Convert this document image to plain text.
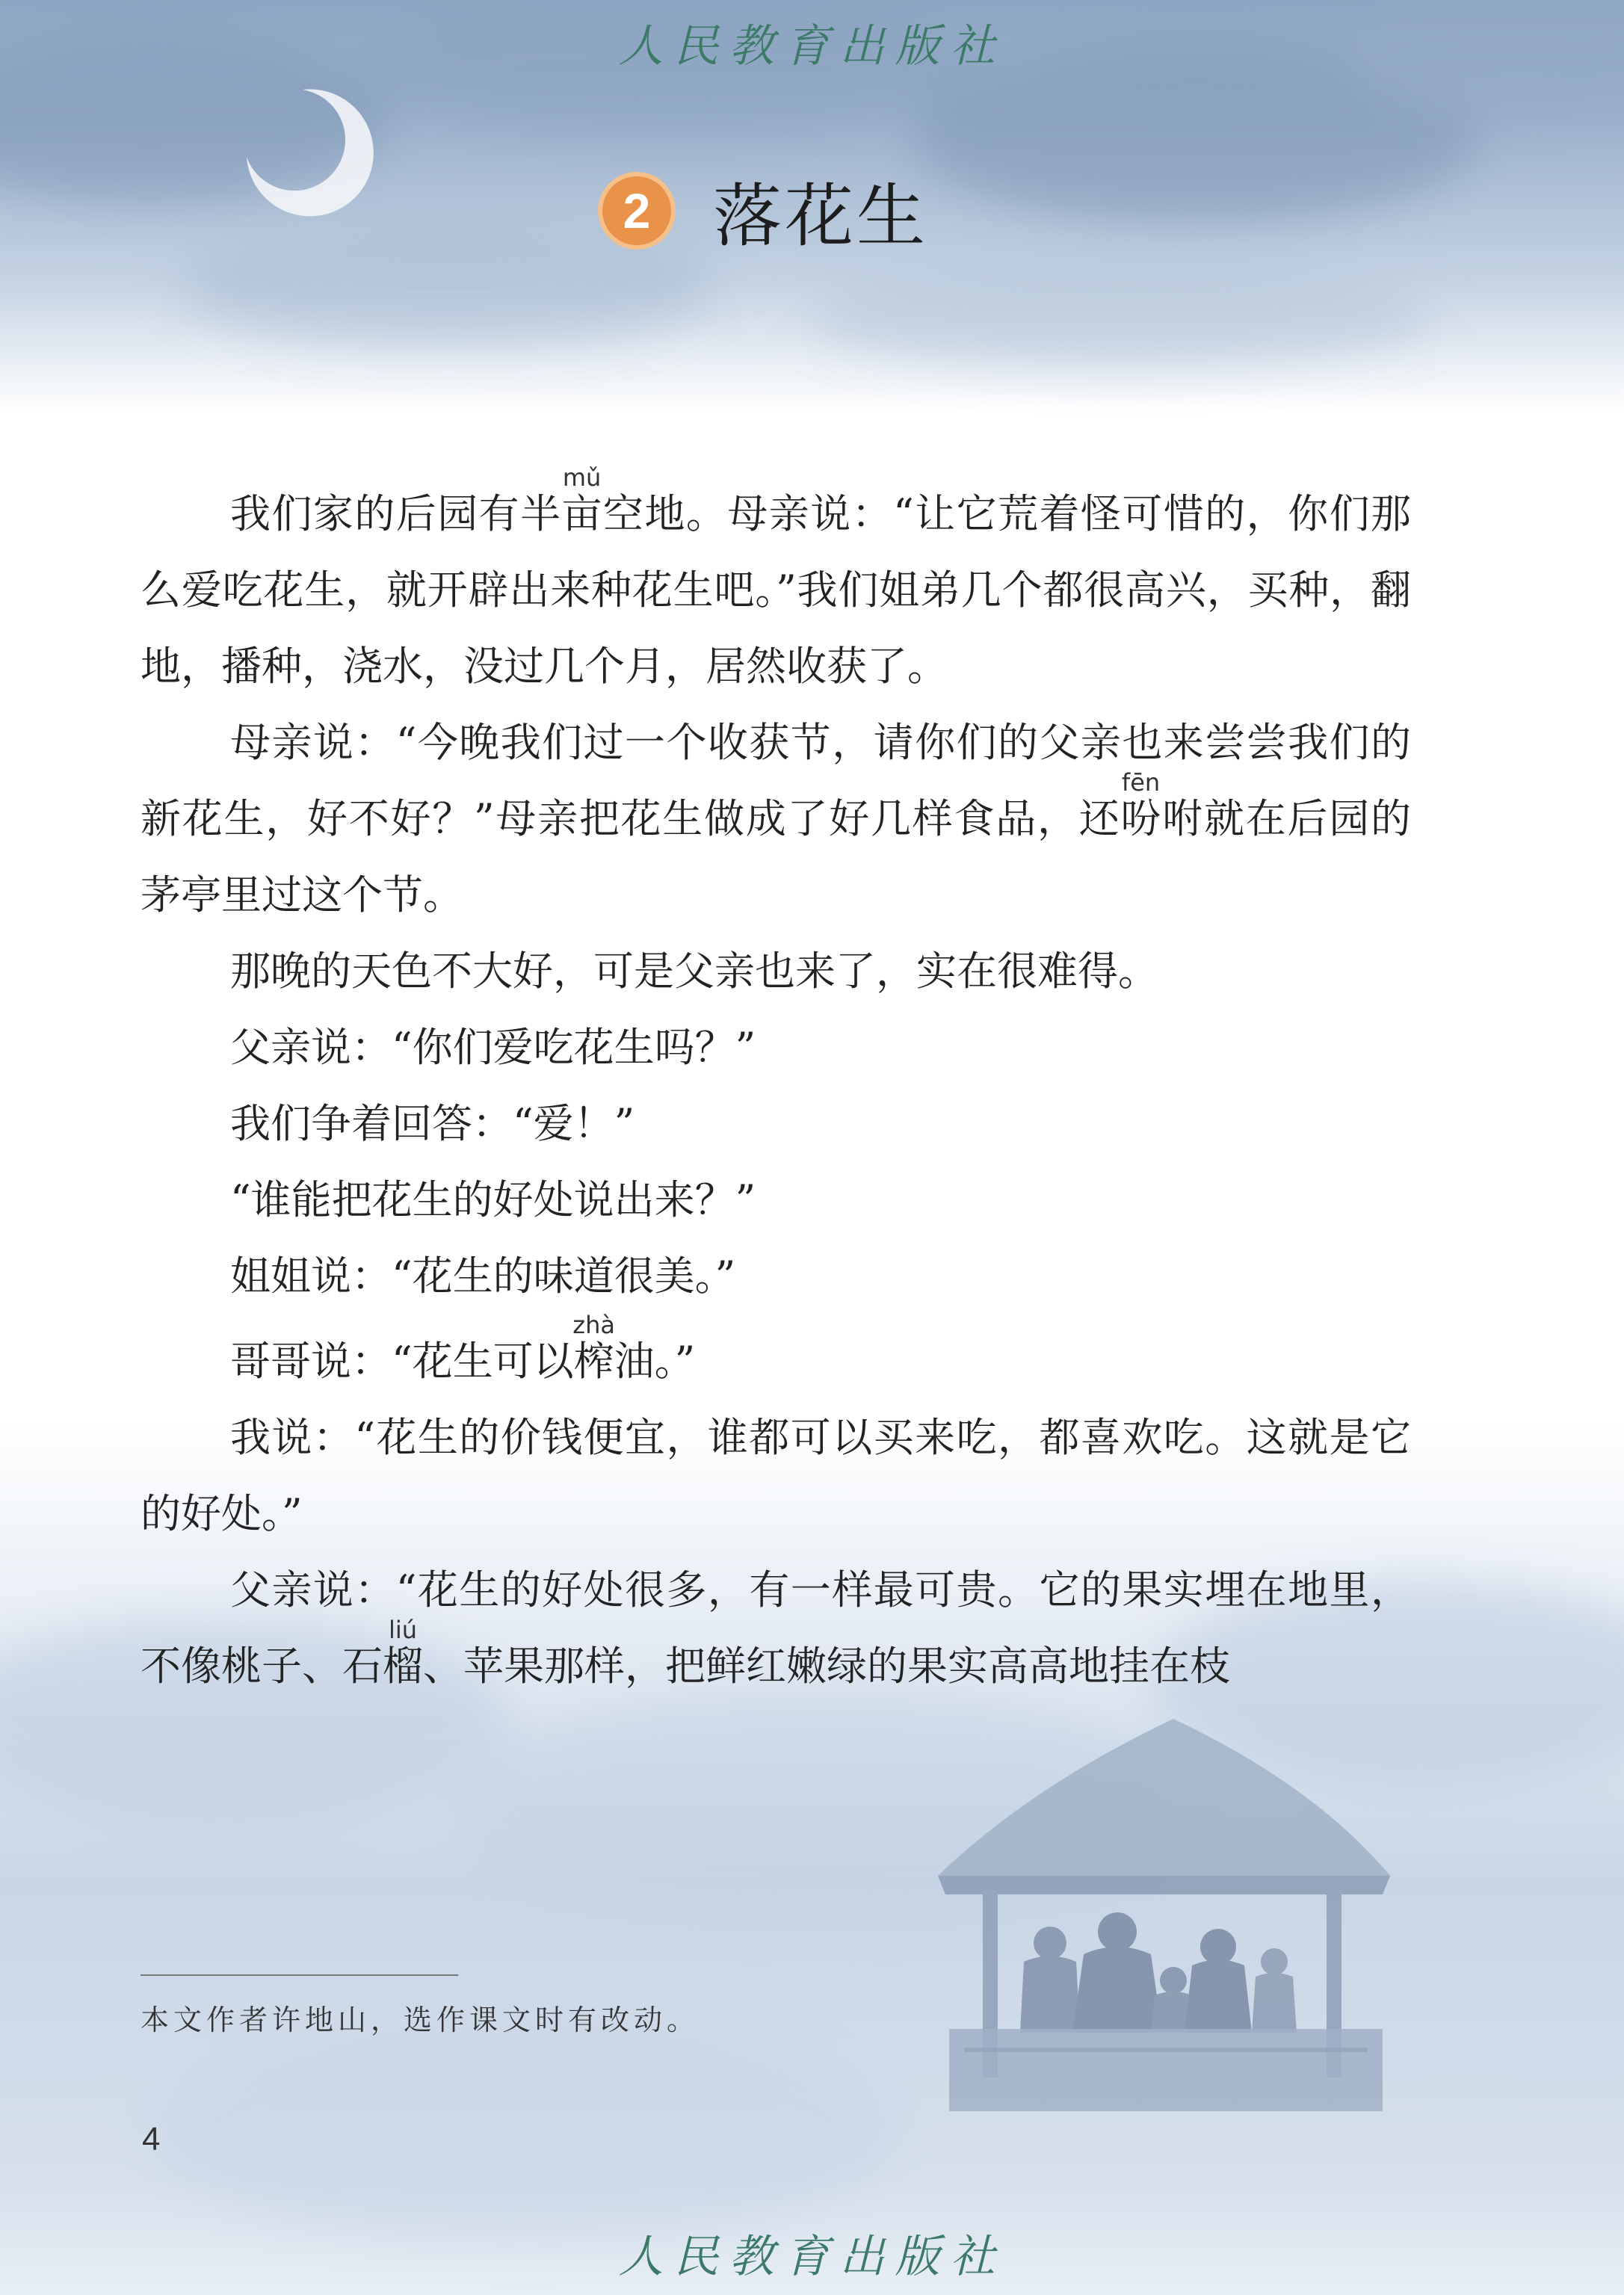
人民教育出版社
2 落花生

我们家的后园有半亩mǔ空地。母亲说：“让它荒着怪可惜的，你们那么爱吃花生，就开辟出来种花生吧。”我们姐弟几个都很高兴，买种，翻地，播种，浇水，没过几个月，居然收获了。

母亲说：“今晚我们过一个收获节，请你们的父亲也来尝尝我们的新花生，好不好？”母亲把花生做成了好几样食品，还吩fēn咐就在后园的茅亭里过这个节。

那晚的天色不大好，可是父亲也来了，实在很难得。

父亲说：“你们爱吃花生吗？”

我们争着回答：“爱！”

“谁能把花生的好处说出来？”

姐姐说：“花生的味道很美。”

哥哥说：“花生可以榨zhà油。”

我说：“花生的价钱便宜，谁都可以买来吃，都喜欢吃。这就是它的好处。”

父亲说：“花生的好处很多，有一样最可贵。它的果实埋在地里，不像桃子、石榴liú、苹果那样，把鲜红嫩绿的果实高高地挂在枝

本文作者许地山，选作课文时有改动。
4
人民教育出版社
